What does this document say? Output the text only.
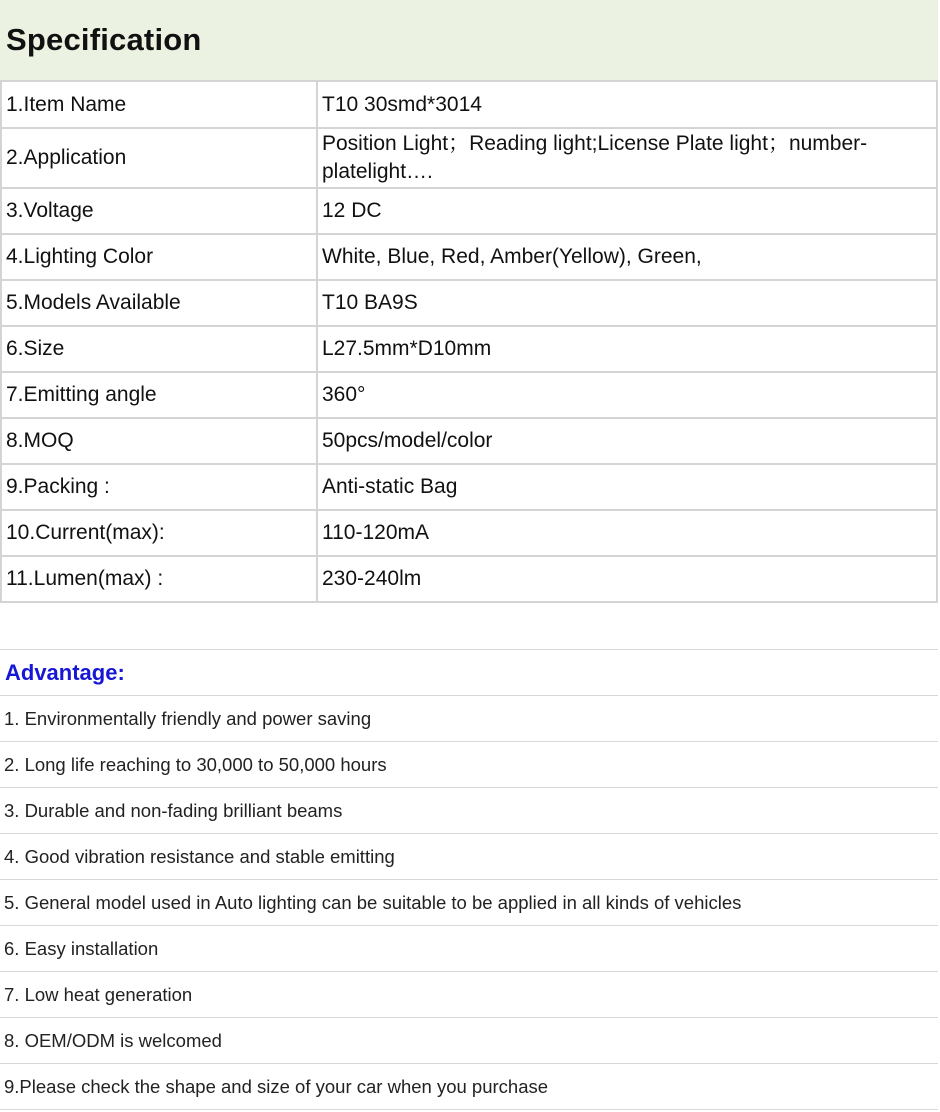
Specification
1.Item Name	T10 30smd*3014
2.Application	Position Light；Reading light;License Plate light；number-platelight….
3.Voltage	12 DC
4.Lighting Color	White, Blue, Red, Amber(Yellow), Green,
5.Models Available	T10 BA9S
6.Size	L27.5mm*D10mm
7.Emitting angle	360°
8.MOQ	50pcs/model/color
9.Packing :	Anti-static Bag
10.Current(max):	110-120mA
11.Lumen(max) :	230-240lm
Advantage:
1. Environmentally friendly and power saving
2. Long life reaching to 30,000 to 50,000 hours
3. Durable and non-fading brilliant beams
4. Good vibration resistance and stable emitting
5. General model used in Auto lighting can be suitable to be applied in all kinds of vehicles
6. Easy installation
7. Low heat generation
8. OEM/ODM is welcomed
9.Please check the shape and size of your car when you purchase
